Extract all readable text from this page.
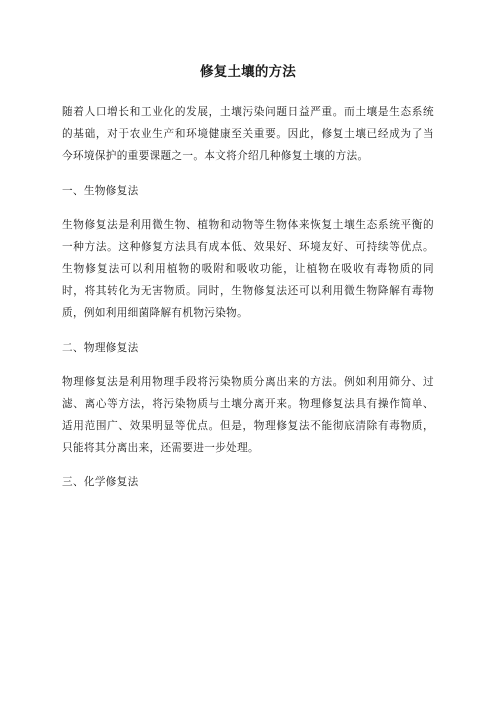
修复土壤的方法

随着人口增长和工业化的发展，土壤污染问题日益严重。而土壤是生态系统的基础，对于农业生产和环境健康至关重要。因此，修复土壤已经成为了当今环境保护的重要课题之一。本文将介绍几种修复土壤的方法。

一、生物修复法

生物修复法是利用微生物、植物和动物等生物体来恢复土壤生态系统平衡的一种方法。这种修复方法具有成本低、效果好、环境友好、可持续等优点。生物修复法可以利用植物的吸附和吸收功能，让植物在吸收有毒物质的同时，将其转化为无害物质。同时，生物修复法还可以利用微生物降解有毒物质，例如利用细菌降解有机物污染物。

二、物理修复法

物理修复法是利用物理手段将污染物质分离出来的方法。例如利用筛分、过滤、离心等方法，将污染物质与土壤分离开来。物理修复法具有操作简单、适用范围广、效果明显等优点。但是，物理修复法不能彻底清除有毒物质，只能将其分离出来，还需要进一步处理。

三、化学修复法
